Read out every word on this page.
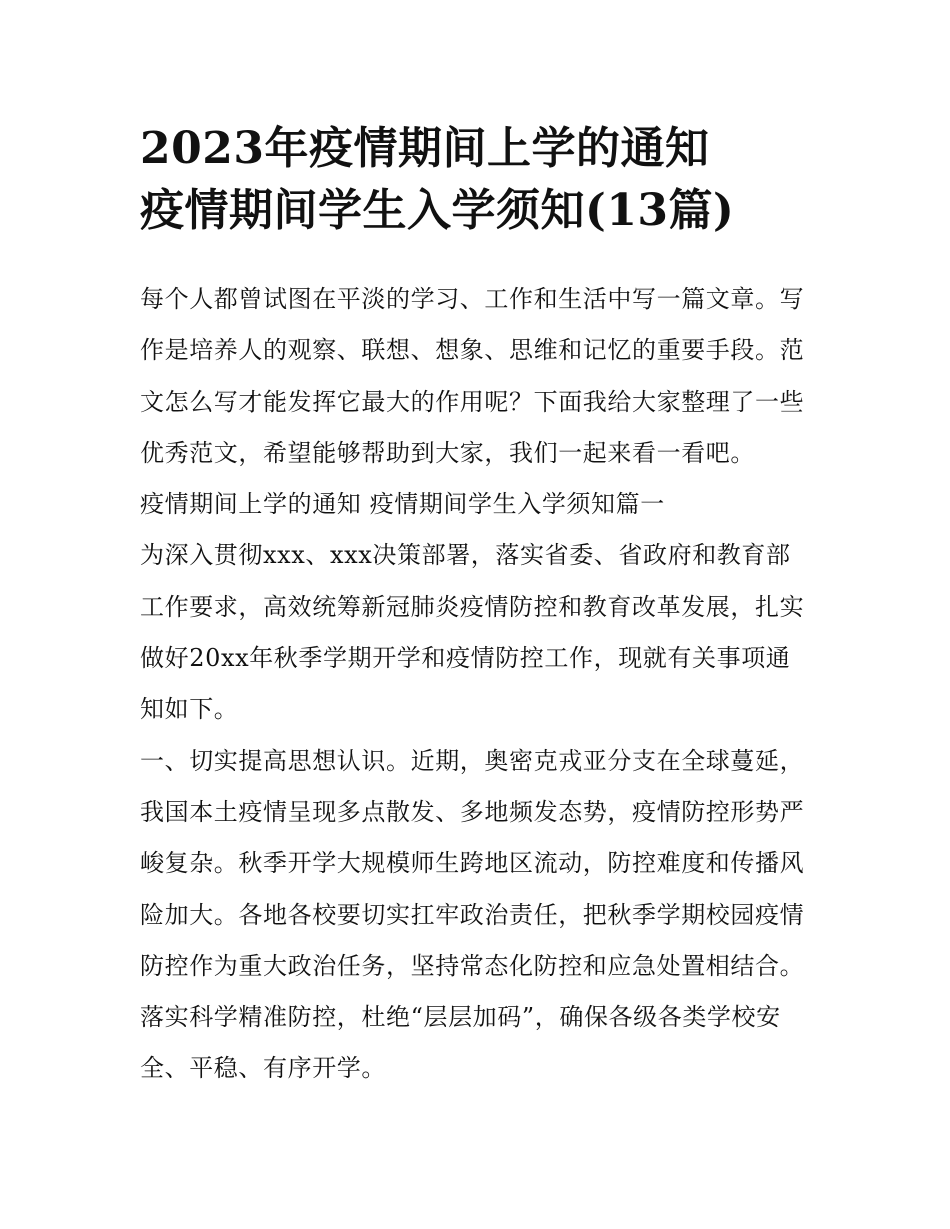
2023年疫情期间上学的通知
疫情期间学生入学须知(13篇)
每个人都曾试图在平淡的学习、工作和生活中写一篇文章。写
作是培养人的观察、联想、想象、思维和记忆的重要手段。范
文怎么写才能发挥它最大的作用呢？下面我给大家整理了一些
优秀范文，希望能够帮助到大家，我们一起来看一看吧。
疫情期间上学的通知 疫情期间学生入学须知篇一
为深入贯彻xxx、xxx决策部署，落实省委、省政府和教育部
工作要求，高效统筹新冠肺炎疫情防控和教育改革发展，扎实
做好20xx年秋季学期开学和疫情防控工作，现就有关事项通
知如下。
一、切实提高思想认识。近期，奥密克戎亚分支在全球蔓延，
我国本土疫情呈现多点散发、多地频发态势，疫情防控形势严
峻复杂。秋季开学大规模师生跨地区流动，防控难度和传播风
险加大。各地各校要切实扛牢政治责任，把秋季学期校园疫情
防控作为重大政治任务，坚持常态化防控和应急处置相结合。
落实科学精准防控，杜绝“层层加码”，确保各级各类学校安
全、平稳、有序开学。
